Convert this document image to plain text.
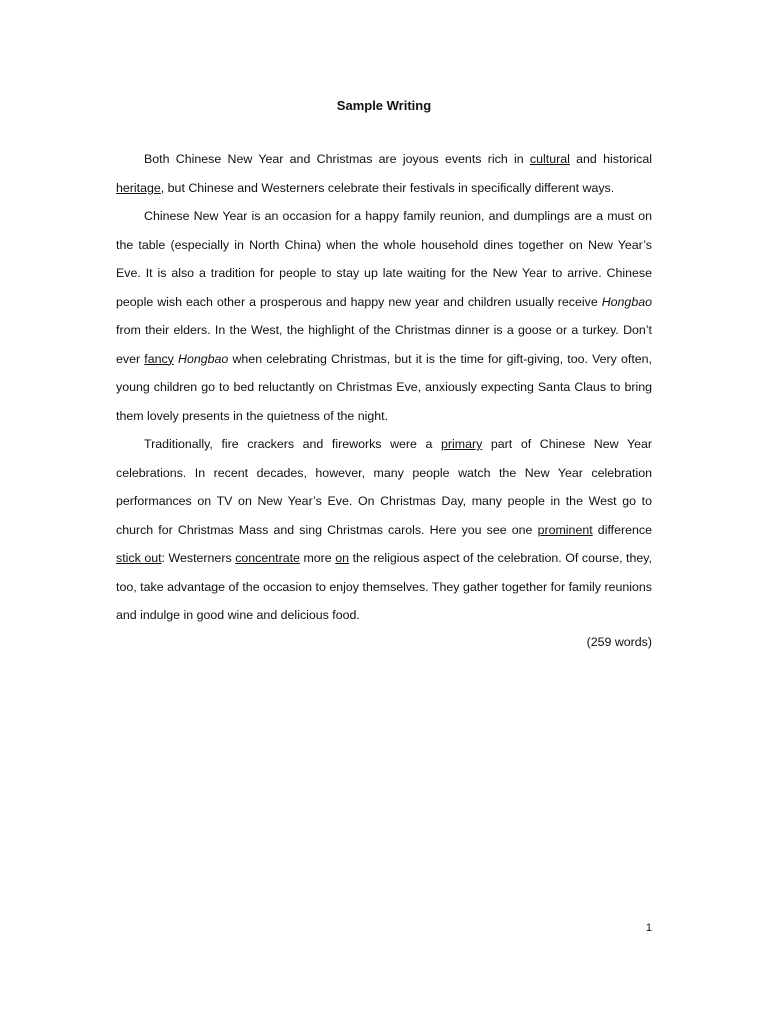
Sample Writing

Both Chinese New Year and Christmas are joyous events rich in cultural and historical heritage, but Chinese and Westerners celebrate their festivals in specifically different ways.

Chinese New Year is an occasion for a happy family reunion, and dumplings are a must on the table (especially in North China) when the whole household dines together on New Year’s Eve. It is also a tradition for people to stay up late waiting for the New Year to arrive. Chinese people wish each other a prosperous and happy new year and children usually receive Hongbao from their elders. In the West, the highlight of the Christmas dinner is a goose or a turkey. Don’t ever fancy Hongbao when celebrating Christmas, but it is the time for gift-giving, too. Very often, young children go to bed reluctantly on Christmas Eve, anxiously expecting Santa Claus to bring them lovely presents in the quietness of the night.

Traditionally, fire crackers and fireworks were a primary part of Chinese New Year celebrations. In recent decades, however, many people watch the New Year celebration performances on TV on New Year’s Eve. On Christmas Day, many people in the West go to church for Christmas Mass and sing Christmas carols. Here you see one prominent difference stick out: Westerners concentrate more on the religious aspect of the celebration. Of course, they, too, take advantage of the occasion to enjoy themselves. They gather together for family reunions and indulge in good wine and delicious food.

(259 words)

1
